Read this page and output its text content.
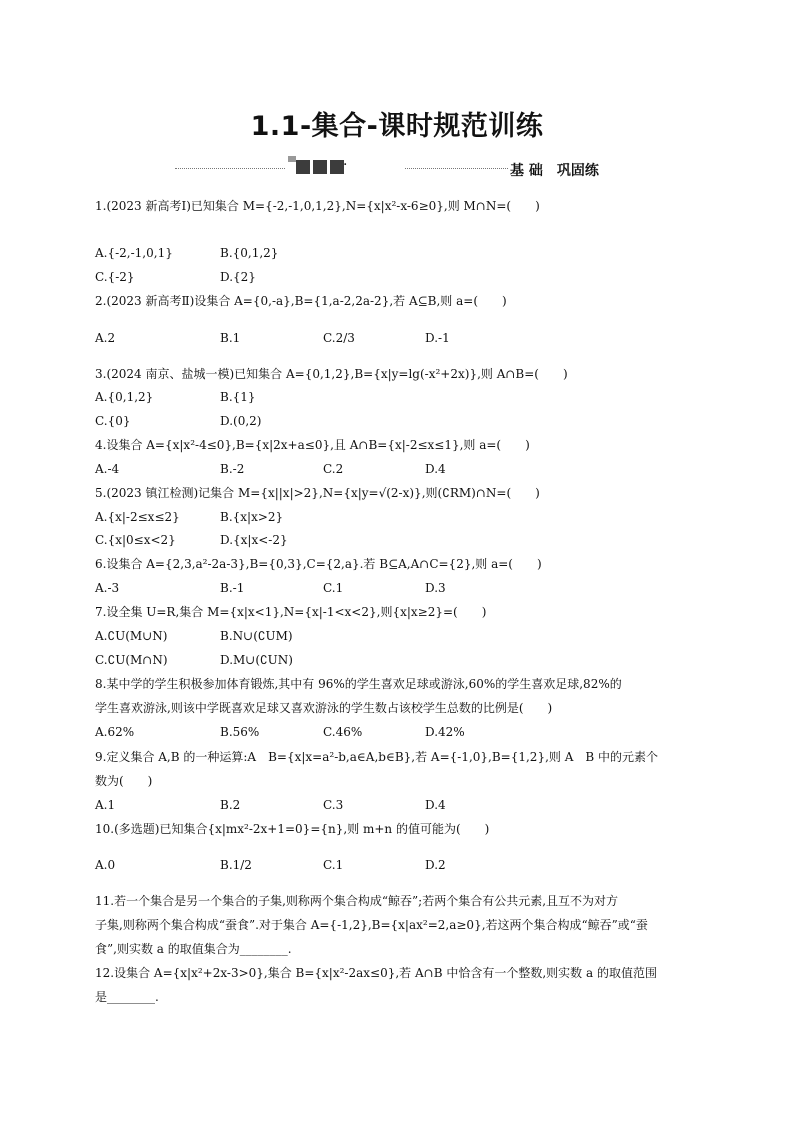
1.1-集合-课时规范训练
·	基 础　巩固练
1.(2023 新高考Ⅰ)已知集合 M={-2,-1,0,1,2},N={x|x²-x-6≥0},则 M∩N=(　　)
A.{-2,-1,0,1}	B.{0,1,2}
C.{-2}	D.{2}
2.(2023 新高考Ⅱ)设集合 A={0,-a},B={1,a-2,2a-2},若 A⊆B,则 a=(　　)
A.2	B.1	C.2/3	D.-1
3.(2024 南京、盐城一模)已知集合 A={0,1,2},B={x|y=lg(-x²+2x)},则 A∩B=(　　)
A.{0,1,2}	B.{1}
C.{0}	D.(0,2)
4.设集合 A={x|x²-4≤0},B={x|2x+a≤0},且 A∩B={x|-2≤x≤1},则 a=(　　)
A.-4	B.-2	C.2	D.4
5.(2023 镇江检测)记集合 M={x||x|>2},N={x|y=√(2-x)},则(∁RM)∩N=(　　)
A.{x|-2≤x≤2}	B.{x|x>2}
C.{x|0≤x<2}	D.{x|x<-2}
6.设集合 A={2,3,a²-2a-3},B={0,3},C={2,a}.若 B⊆A,A∩C={2},则 a=(　　)
A.-3	B.-1	C.1	D.3
7.设全集 U=R,集合 M={x|x<1},N={x|-1<x<2},则{x|x≥2}=(　　)
A.∁U(M∪N)	B.N∪(∁UM)
C.∁U(M∩N)	D.M∪(∁UN)
8.某中学的学生积极参加体育锻炼,其中有 96%的学生喜欢足球或游泳,60%的学生喜欢足球,82%的
学生喜欢游泳,则该中学既喜欢足球又喜欢游泳的学生数占该校学生总数的比例是(　　)
A.62%	B.56%	C.46%	D.42%
9.定义集合 A,B 的一种运算:A　B={x|x=a²-b,a∈A,b∈B},若 A={-1,0},B={1,2},则 A　B 中的元素个
数为(　　)
A.1	B.2	C.3	D.4
10.(多选题)已知集合{x|mx²-2x+1=0}={n},则 m+n 的值可能为(　　)
A.0	B.1/2	C.1	D.2
11.若一个集合是另一个集合的子集,则称两个集合构成“鲸吞”;若两个集合有公共元素,且互不为对方
子集,则称两个集合构成“蚕食”.对于集合 A={-1,2},B={x|ax²=2,a≥0},若这两个集合构成“鲸吞”或“蚕
食”,则实数 a 的取值集合为________.
12.设集合 A={x|x²+2x-3>0},集合 B={x|x²-2ax≤0},若 A∩B 中恰含有一个整数,则实数 a 的取值范围
是________.
